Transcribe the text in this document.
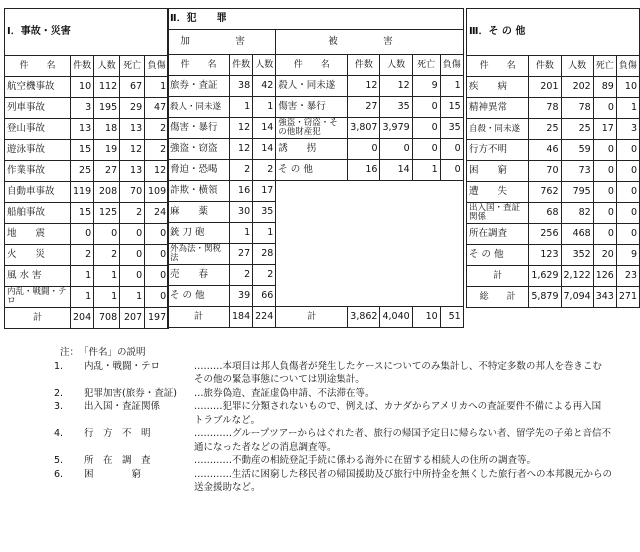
Ⅰ．事故・災害				
件　　名	件数	人数	死亡	負傷
航空機事故	10	112	67	1
列車事故	3	195	29	47
登山事故	13	18	13	2
遊泳事故	15	19	12	2
作業事故	25	27	13	12
自動車事故	119	208	70	109
船舶事故	15	125	2	24
地　　震	0	0	0	0
火　　災	2	2	0	0
風 水 害	1	1	0	0
内乱・戦闘・テロ	1	1	1	0
計	204	708	207	197
Ⅱ．犯　　罪							
加　害			被　害				
件　　名	件数	人数	件　　名	件数	人数	死亡	負傷
旅券・査証	38	42	殺人・同未遂	12	12	9	1
殺人・同未遂	1	1	傷害・暴行	27	35	0	15
傷害・暴行	12	14	強盗・窃盗・その他財産犯	3,807	3,979	0	35
強盗・窃盗	12	14	誘　　拐	0	0	0	0
脅迫・恐喝	2	2	そ の 他	16	14	1	0
詐欺・横領	16	17					
麻　　薬	30	35					
銃 刀 砲	1	1					
外為法・関税法	27	28					
売　　春	2	2					
そ の 他	39	66					
計	184	224	計	3,862	4,040	10	51
Ⅲ．そ の 他				
件　　名	件数	人数	死亡	負傷
疾　　病	201	202	89	10
精神異常	78	78	0	1
自殺・同未遂	25	25	17	3
行方不明	46	59	0	0
困　　窮	70	73	0	0
遭　　失	762	795	0	0
出入国・査証関係	68	82	0	0
所在調査	256	468	0	0
そ の 他	123	352	20	9
計	1,629	2,122	126	23
総　　計	5,879	7,094	343	271
注：　「件名」の説明
1. 内乱・戦闘・テロ	………本項目は邦人負傷者が発生したケースについてのみ集計し、不特定多数の邦人を巻きこむ
その他の緊急事態については別途集計。
2. 犯罪加害(旅券・査証) …旅券偽造、査証虚偽申請、不法滞在等。
3. 出入国・査証関係	………犯罪に分類されないもので、例えば、カナダからアメリカへの査証要件不備による再入国
トラブルなど。
4. 行　方　不　明	…………グループツアーからはぐれた者、旅行の帰国予定日に帰らない者、留学先の子弟と音信不
通になった者などの消息調査等。
5. 所　在　調　査	…………不動産の相続登記手続に係わる海外に在留する相続人の住所の調査等。
6. 困　　　　窮	…………生活に困窮した移民者の帰国援助及び旅行中所持金を無くした旅行者への本邦親元からの
送金援助など。
